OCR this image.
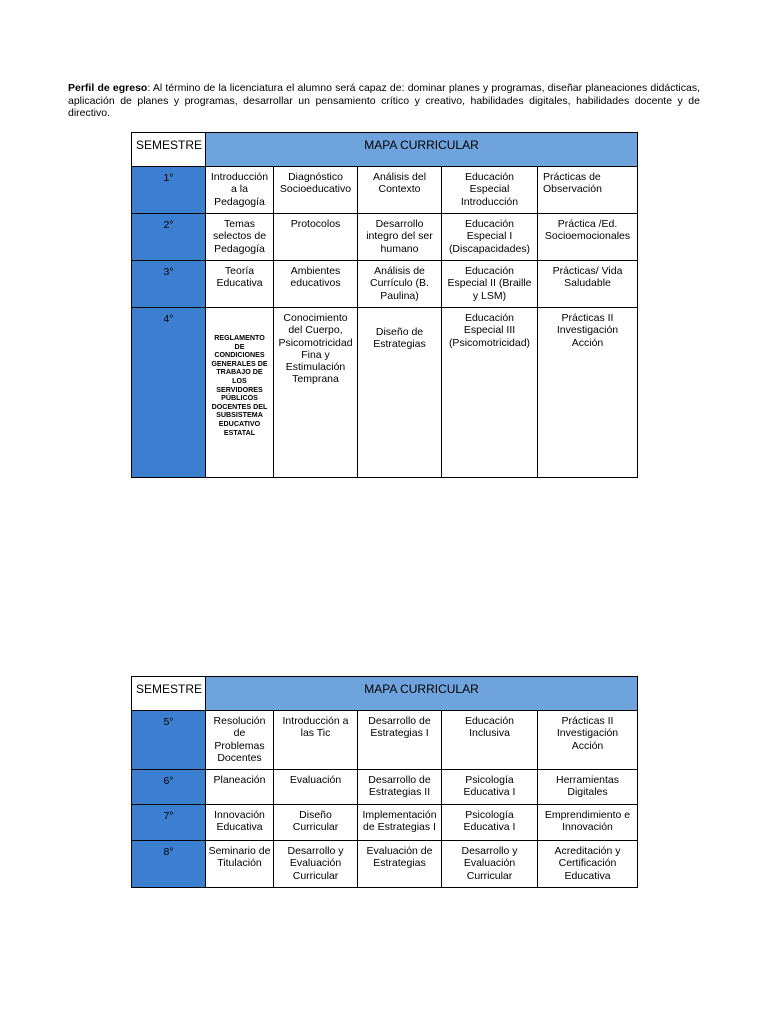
Perfil de egreso: Al término de la licenciatura el alumno será capaz de: dominar planes y programas, diseñar planeaciones didácticas, aplicación de planes y programas, desarrollar un pensamiento crítico y creativo, habilidades digitales, habilidades docente y de directivo.
SEMESTRE	MAPA CURRICULAR				
1°	Introducción a la Pedagogía	Diagnóstico Socioeducativo	Análisis del Contexto	Educación Especial Introducción	Prácticas de Observación
2°	Temas selectos de Pedagogía	Protocolos	Desarrollo integro del ser humano	Educación Especial I (Discapacidades)	Práctica /Ed. Socioemocionales
3°	Teoría Educativa	Ambientes educativos	Análisis de Currículo (B. Paulina)	Educación Especial II (Braille y LSM)	Prácticas/ Vida Saludable
4°	REGLAMENTO DE CONDICIONES GENERALES DE TRABAJO DE LOS SERVIDORES PÚBLICOS DOCENTES DEL SUBSISTEMA EDUCATIVO ESTATAL	Conocimiento del Cuerpo, Psicomotricidad Fina y Estimulación Temprana	Diseño de Estrategias	Educación Especial III (Psicomotricidad)	Prácticas II Investigación Acción
SEMESTRE	MAPA CURRICULAR				
5°	Resolución de Problemas Docentes	Introducción a las Tic	Desarrollo de Estrategias I	Educación Inclusiva	Prácticas II Investigación Acción
6°	Planeación	Evaluación	Desarrollo de Estrategias II	Psicología Educativa I	Herramientas Digitales
7°	Innovación Educativa	Diseño Curricular	Implementación de Estrategias I	Psicología Educativa I	Emprendimiento e Innovación
8°	Seminario de Titulación	Desarrollo y Evaluación Curricular	Evaluación de Estrategias	Desarrollo y Evaluación Curricular	Acreditación y Certificación Educativa
